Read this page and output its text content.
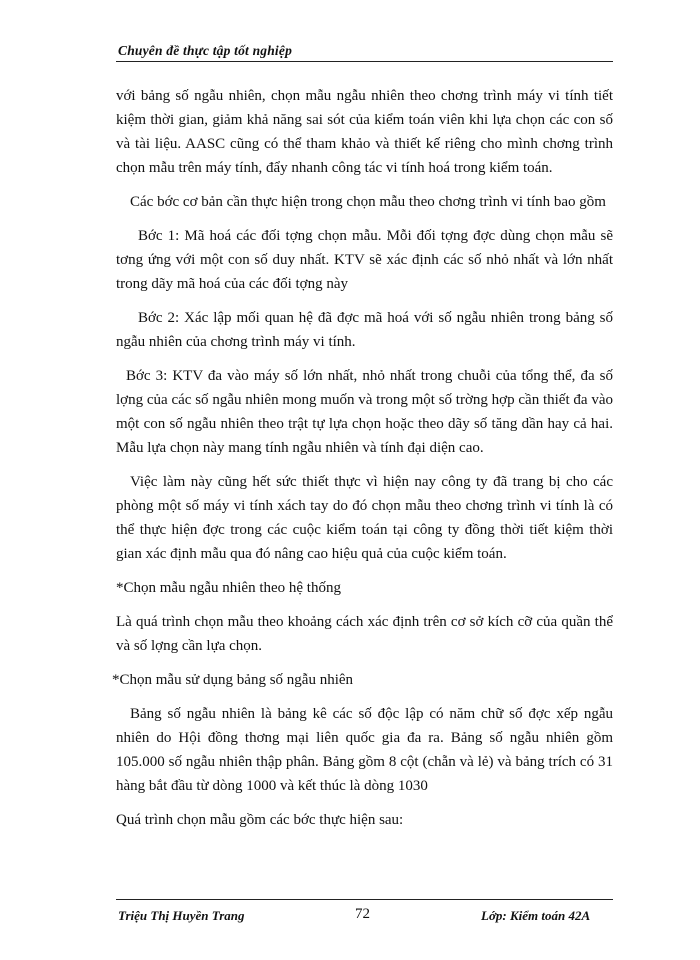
Chuyên đề thực tập tốt nghiệp

với bảng số ngẫu nhiên, chọn mẫu ngẫu nhiên theo chơng trình máy vi tính tiết kiệm thời gian, giảm khả năng sai sót của kiểm toán viên khi lựa chọn các con số và tài liệu. AASC cũng có thể tham khảo và thiết kế riêng cho mình chơng trình chọn mẫu trên máy tính, đẩy nhanh công tác vi tính hoá trong kiểm toán.

Các bớc cơ bản cần thực hiện trong chọn mẫu theo chơng trình vi tính bao gồm

Bớc 1: Mã hoá các đối tợng chọn mẫu. Mỗi đối tợng đợc dùng chọn mẫu sẽ tơng ứng với một con số duy nhất. KTV sẽ xác định các số nhỏ nhất và lớn nhất trong dãy mã hoá của các đối tợng này

Bớc 2: Xác lập mối quan hệ đã đợc mã hoá với số ngẫu nhiên trong bảng số ngẫu nhiên của chơng trình máy vi tính.

Bớc 3: KTV đa vào máy số lớn nhất, nhỏ nhất trong chuỗi của tổng thể, đa số lợng của các số ngẫu nhiên mong muốn và trong một số trờng hợp cần thiết đa vào một con số ngẫu nhiên theo trật tự lựa chọn hoặc theo dãy số tăng dần hay cả hai. Mẫu lựa chọn này mang tính ngẫu nhiên và tính đại diện cao.

Việc làm này cũng hết sức thiết thực vì hiện nay công ty đã trang bị cho các phòng một số máy vi tính xách tay do đó chọn mẫu theo chơng trình vi tính là có thể thực hiện đợc trong các cuộc kiểm toán tại công ty đồng thời tiết kiệm thời gian xác định mẫu qua đó nâng cao hiệu quả của cuộc kiểm toán.

*Chọn mẫu ngẫu nhiên theo hệ thống

Là quá trình chọn mẫu theo khoảng cách xác định trên cơ sở kích cỡ của quần thể và số lợng cần lựa chọn.

*Chọn mẫu sử dụng bảng số ngẫu nhiên

Bảng số ngẫu nhiên là bảng kê các số độc lập có năm chữ số đợc xếp ngẫu nhiên do Hội đồng thơng mại liên quốc gia đa ra. Bảng số ngẫu nhiên gồm 105.000 số ngẫu nhiên thập phân. Bảng gồm 8 cột (chẵn và lẻ) và bảng trích có 31 hàng bắt đầu từ dòng 1000 và kết thúc là dòng 1030

Quá trình chọn mẫu gồm các bớc thực hiện sau:

Triệu Thị Huyền Trang	72	Lớp: Kiểm toán 42A
